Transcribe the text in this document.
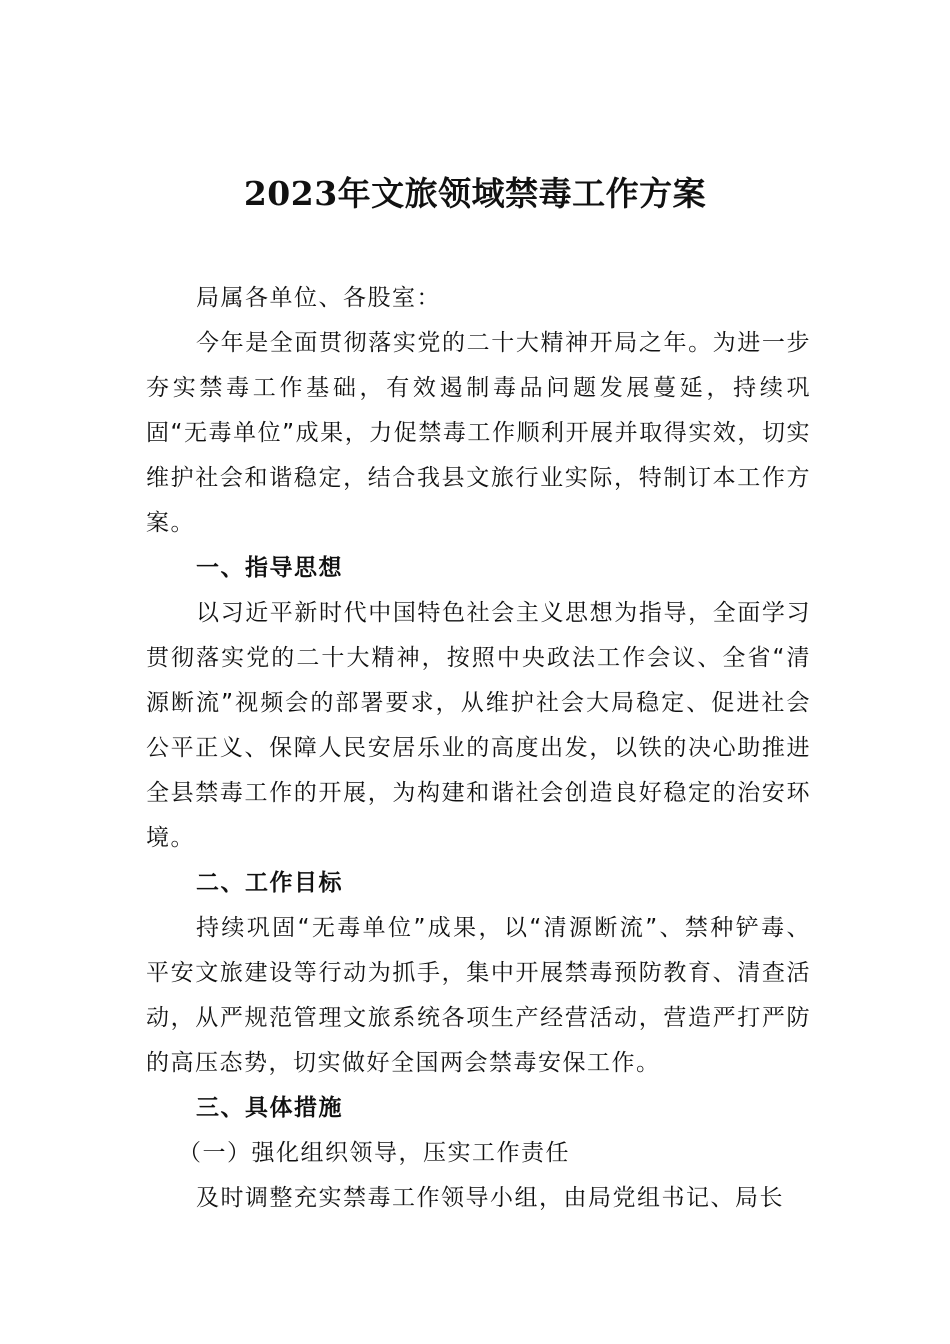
2023年文旅领域禁毒工作方案

局属各单位、各股室：

今年是全面贯彻落实党的二十大精神开局之年。为进一步夯实禁毒工作基础，有效遏制毒品问题发展蔓延，持续巩固“无毒单位”成果，力促禁毒工作顺利开展并取得实效，切实维护社会和谐稳定，结合我县文旅行业实际，特制订本工作方案。

一、指导思想

以习近平新时代中国特色社会主义思想为指导，全面学习贯彻落实党的二十大精神，按照中央政法工作会议、全省“清源断流”视频会的部署要求，从维护社会大局稳定、促进社会公平正义、保障人民安居乐业的高度出发，以铁的决心助推进全县禁毒工作的开展，为构建和谐社会创造良好稳定的治安环境。

二、工作目标

持续巩固“无毒单位”成果，以“清源断流”、禁种铲毒、平安文旅建设等行动为抓手，集中开展禁毒预防教育、清查活动，从严规范管理文旅系统各项生产经营活动，营造严打严防的高压态势，切实做好全国两会禁毒安保工作。

三、具体措施

（一）强化组织领导，压实工作责任

及时调整充实禁毒工作领导小组，由局党组书记、局长
